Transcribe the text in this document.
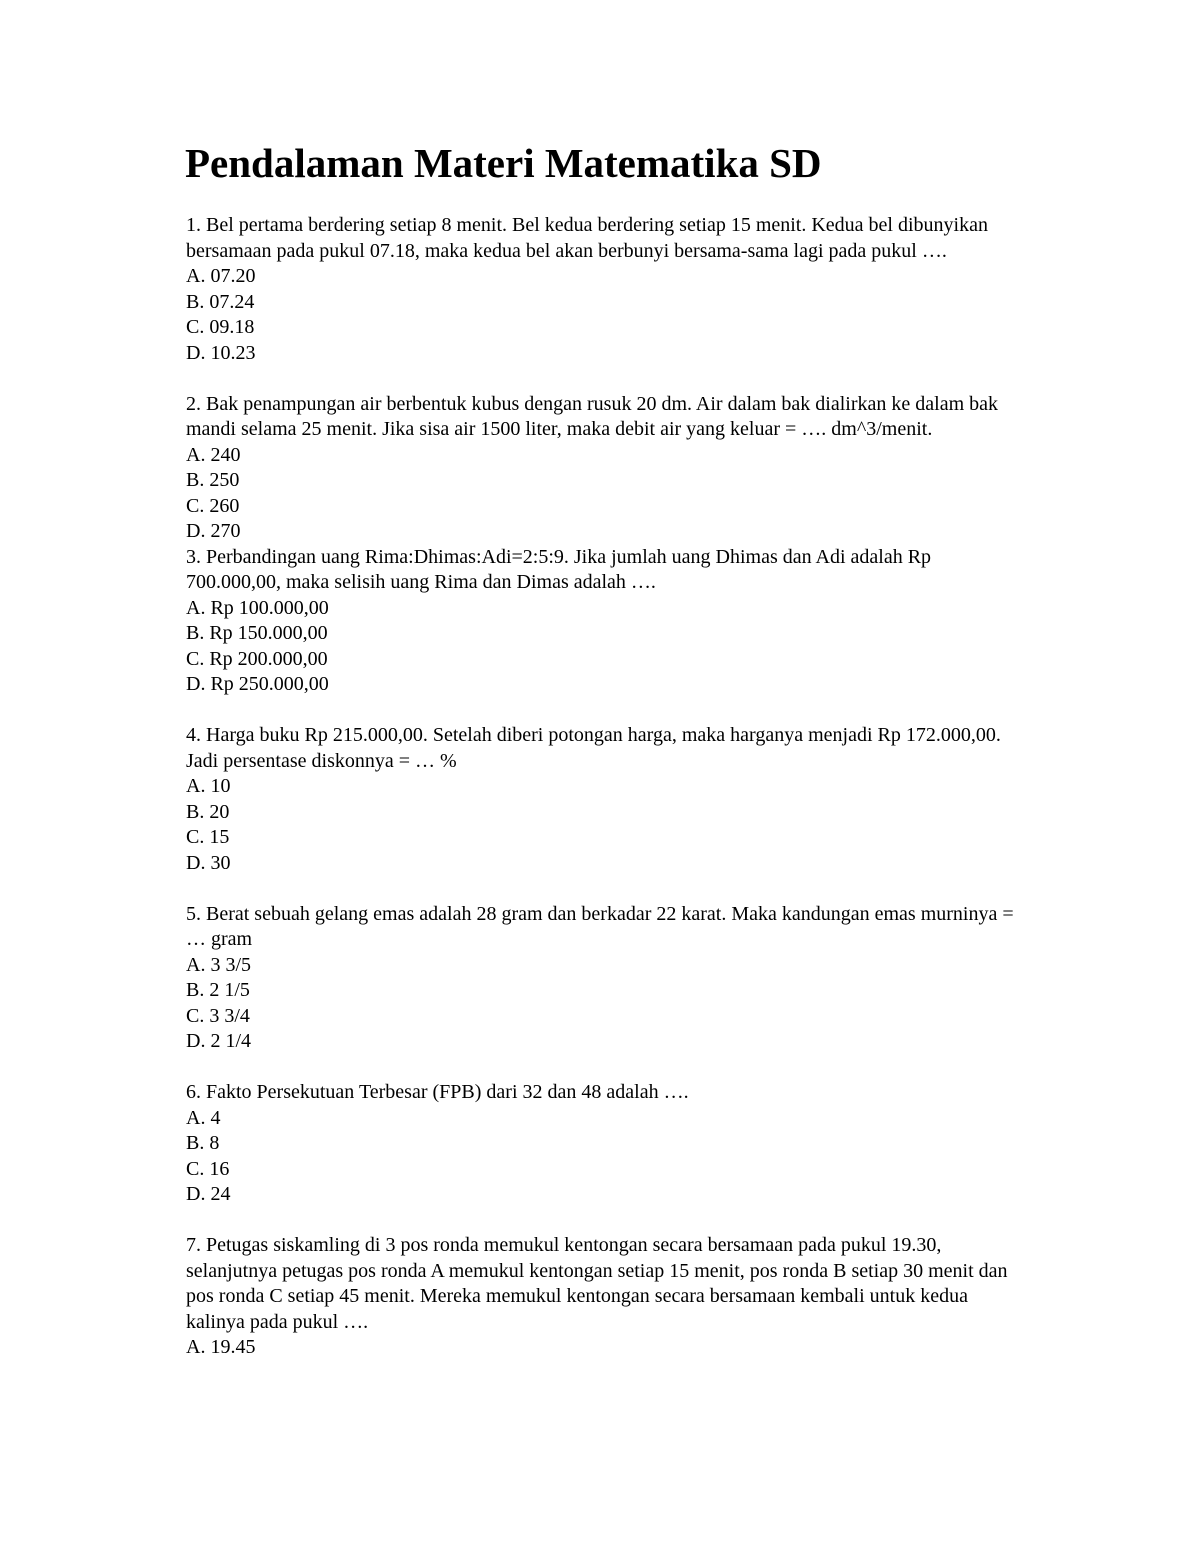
Pendalaman Materi Matematika SD

1. Bel pertama berdering setiap 8 menit. Bel kedua berdering setiap 15 menit. Kedua bel dibunyikan bersamaan pada pukul 07.18, maka kedua bel akan berbunyi bersama-sama lagi pada pukul ….

A. 07.20
B. 07.24
C. 09.18
D. 10.23

2. Bak penampungan air berbentuk kubus dengan rusuk 20 dm. Air dalam bak dialirkan ke dalam bak mandi selama 25 menit. Jika sisa air 1500 liter, maka debit air yang keluar = …. dm^3/menit.

A. 240
B. 250
C. 260
D. 270

3. Perbandingan uang Rima:Dhimas:Adi=2:5:9. Jika jumlah uang Dhimas dan Adi adalah Rp 700.000,00, maka selisih uang Rima dan Dimas adalah ….

A. Rp 100.000,00
B. Rp 150.000,00
C. Rp 200.000,00
D. Rp 250.000,00

4. Harga buku Rp 215.000,00. Setelah diberi potongan harga, maka harganya menjadi Rp 172.000,00. Jadi persentase diskonnya = … %

A. 10
B. 20
C. 15
D. 30

5. Berat sebuah gelang emas adalah 28 gram dan berkadar 22 karat. Maka kandungan emas murninya = … gram

A. 3 3/5
B. 2 1/5
C. 3 3/4
D. 2 1/4

6. Fakto Persekutuan Terbesar (FPB) dari 32 dan 48 adalah ….

A. 4
B. 8
C. 16
D. 24

7. Petugas siskamling di 3 pos ronda memukul kentongan secara bersamaan pada pukul 19.30, selanjutnya petugas pos ronda A memukul kentongan setiap 15 menit, pos ronda B setiap 30 menit dan pos ronda C setiap 45 menit. Mereka memukul kentongan secara bersamaan kembali untuk kedua kalinya pada pukul ….

A. 19.45
